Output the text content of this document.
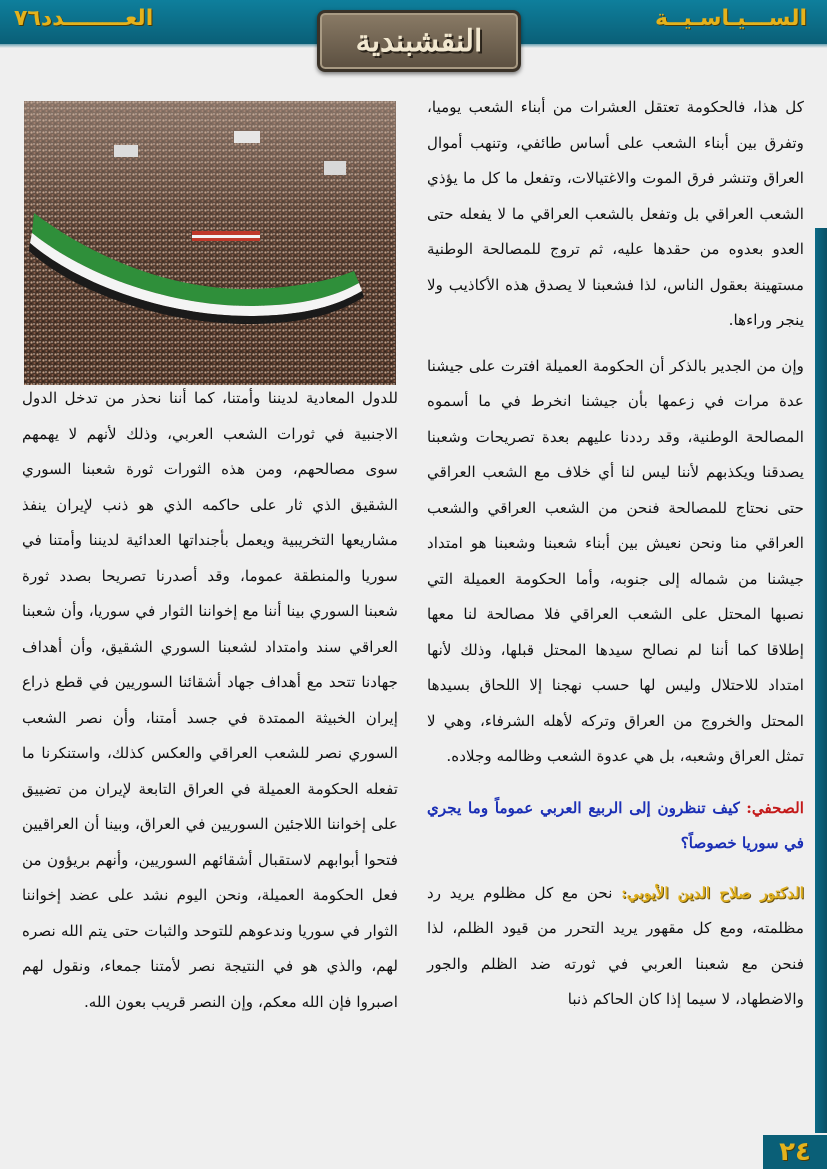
العــــــــدد٧٦	الســـيـاسـيــة
النقشبندية

كل هذا، فالحكومة تعتقل العشرات من أبناء الشعب يوميا، وتفرق بين أبناء الشعب على أساس طائفي، وتنهب أموال العراق وتنشر فرق الموت والاغتيالات، وتفعل ما كل ما يؤذي الشعب العراقي بل وتفعل بالشعب العراقي ما لا يفعله حتى العدو بعدوه من حقدها عليه، ثم تروج للمصالحة الوطنية مستهينة بعقول الناس، لذا فشعبنا لا يصدق هذه الأكاذيب ولا ينجر وراءها.

وإن من الجدير بالذكر أن الحكومة العميلة افترت على جيشنا عدة مرات في زعمها بأن جيشنا انخرط في ما أسموه المصالحة الوطنية، وقد رددنا عليهم بعدة تصريحات وشعبنا يصدقنا ويكذبهم لأننا ليس لنا أي خلاف مع الشعب العراقي حتى نحتاج للمصالحة فنحن من الشعب العراقي والشعب العراقي منا ونحن نعيش بين أبناء شعبنا وشعبنا هو امتداد جيشنا من شماله إلى جنوبه، وأما الحكومة العميلة التي نصبها المحتل على الشعب العراقي فلا مصالحة لنا معها إطلاقا كما أننا لم نصالح سيدها المحتل قبلها، وذلك لأنها امتداد للاحتلال وليس لها حسب نهجنا إلا اللحاق بسيدها المحتل والخروج من العراق وتركه لأهله الشرفاء، وهي لا تمثل العراق وشعبه، بل هي عدوة الشعب وظالمه وجلاده.

الصحفي: كيف تنظرون إلى الربيع العربي عموماً وما يجري في سوريا خصوصاً؟

الدكتور صلاح الدين الأيوبي: نحن مع كل مظلوم يريد رد مظلمته، ومع كل مقهور يريد التحرر من قيود الظلم، لذا فنحن مع شعبنا العربي في ثورته ضد الظلم والجور والاضطهاد، لا سيما إذا كان الحاكم ذنبا

للدول المعادية لديننا وأمتنا، كما أننا نحذر من تدخل الدول الاجنبية في ثورات الشعب العربي، وذلك لأنهم لا يهمهم سوى مصالحهم، ومن هذه الثورات ثورة شعبنا السوري الشقيق الذي ثار على حاكمه الذي هو ذنب لإيران ينفذ مشاريعها التخريبية ويعمل بأجنداتها العدائية لديننا وأمتنا في سوريا والمنطقة عموما، وقد أصدرنا تصريحا بصدد ثورة شعبنا السوري بينا أننا مع إخواننا الثوار في سوريا، وأن شعبنا العراقي سند وامتداد لشعبنا السوري الشقيق، وأن أهداف جهادنا تتحد مع أهداف جهاد أشقائنا السوريين في قطع ذراع إيران الخبيثة الممتدة في جسد أمتنا، وأن نصر الشعب السوري نصر للشعب العراقي والعكس كذلك، واستنكرنا ما تفعله الحكومة العميلة في العراق التابعة لإيران من تضييق على إخواننا اللاجئين السوريين في العراق، وبينا أن العراقيين فتحوا أبوابهم لاستقبال أشقائهم السوريين، وأنهم بريؤون من فعل الحكومة العميلة، ونحن اليوم نشد على عضد إخواننا الثوار في سوريا وندعوهم للتوحد والثبات حتى يتم الله نصره لهم، والذي هو في النتيجة نصر لأمتنا جمعاء، ونقول لهم اصبروا فإن الله معكم، وإن النصر قريب بعون الله.

٢٤
